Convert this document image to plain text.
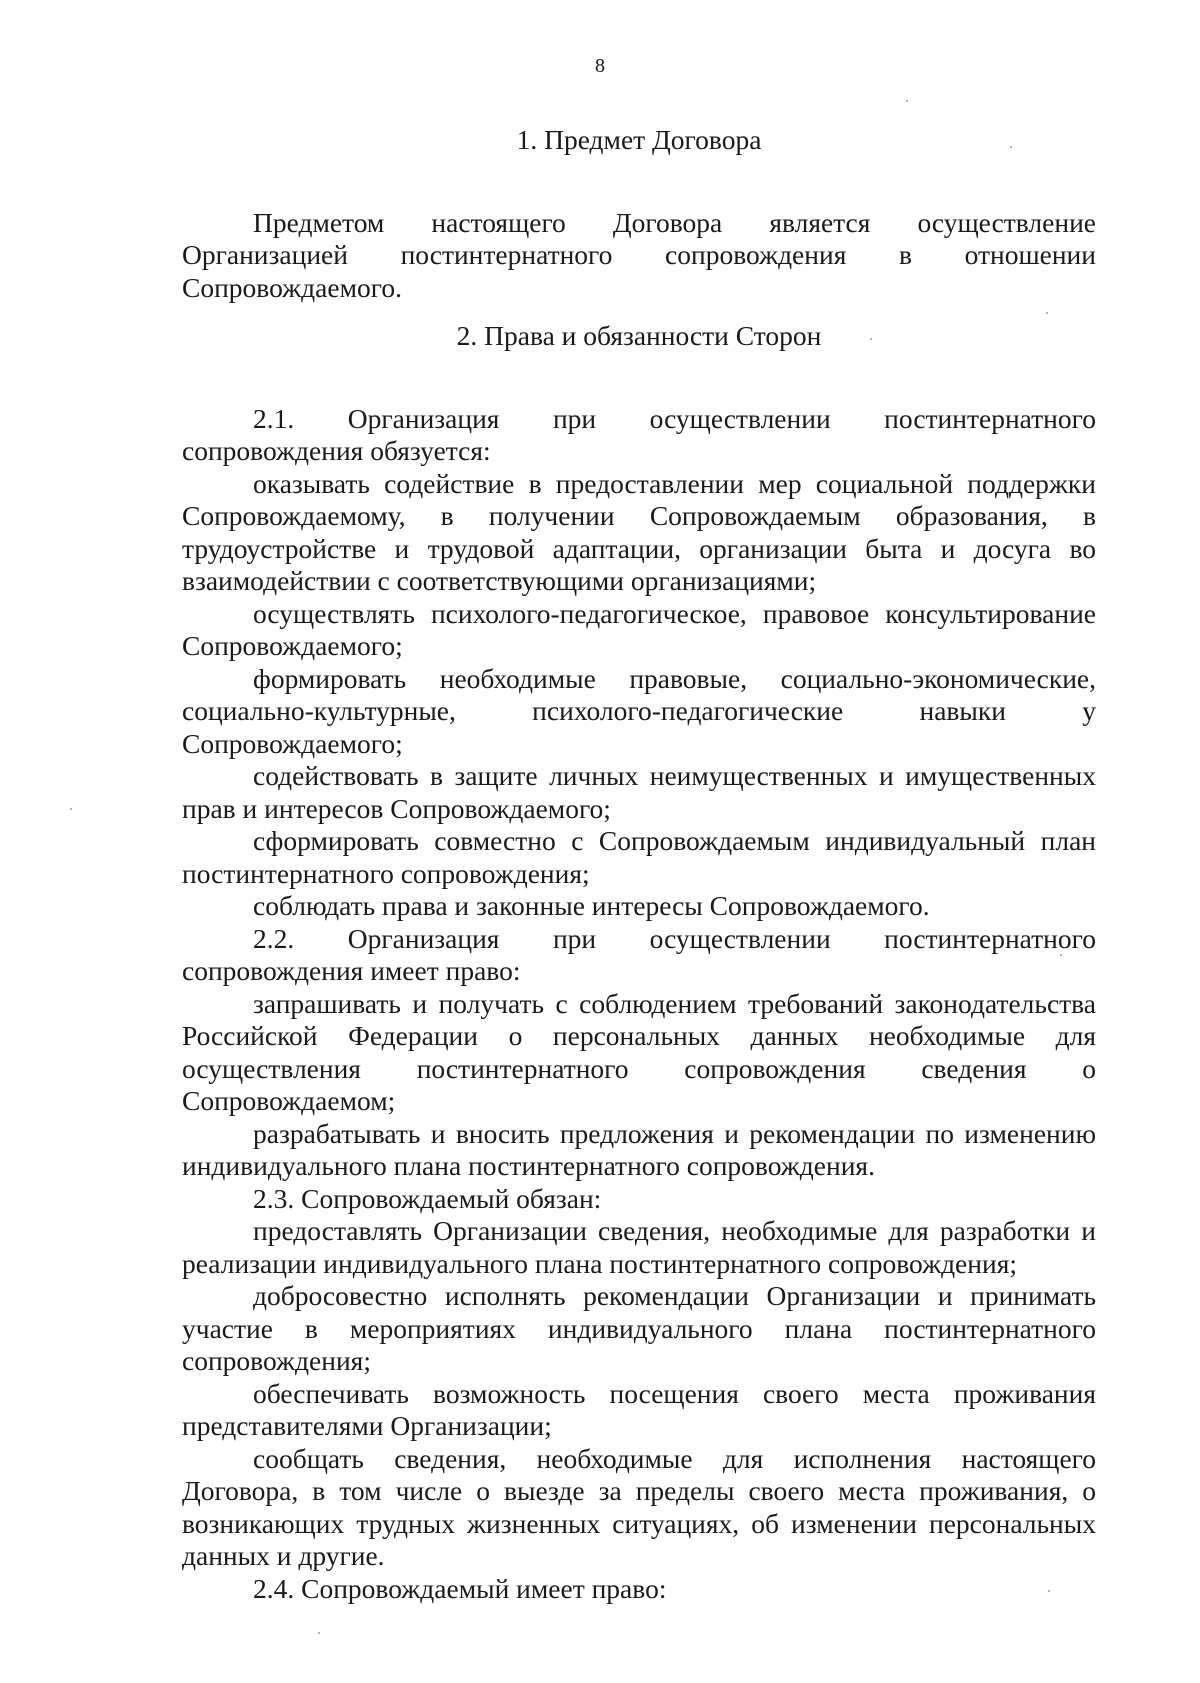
8

1. Предмет Договора

Предметом настоящего Договора является осуществление Организацией постинтернатного сопровождения в отношении Сопровождаемого.

2. Права и обязанности Сторон

2.1. Организация при осуществлении постинтернатного сопровождения обязуется:

оказывать содействие в предоставлении мер социальной поддержки Сопровождаемому, в получении Сопровождаемым образования, в трудоустройстве и трудовой адаптации, организации быта и досуга во взаимодействии с соответствующими организациями;

осуществлять психолого-педагогическое, правовое консультирование Сопровождаемого;

формировать необходимые правовые, социально-экономические, социально-культурные, психолого-педагогические навыки у Сопровождаемого;

содействовать в защите личных неимущественных и имущественных прав и интересов Сопровождаемого;

сформировать совместно с Сопровождаемым индивидуальный план постинтернатного сопровождения;

соблюдать права и законные интересы Сопровождаемого.

2.2. Организация при осуществлении постинтернатного сопровождения имеет право:

запрашивать и получать с соблюдением требований законодательства Российской Федерации о персональных данных необходимые для осуществления постинтернатного сопровождения сведения о Сопровождаемом;

разрабатывать и вносить предложения и рекомендации по изменению индивидуального плана постинтернатного сопровождения.

2.3. Сопровождаемый обязан:

предоставлять Организации сведения, необходимые для разработки и реализации индивидуального плана постинтернатного сопровождения;

добросовестно исполнять рекомендации Организации и принимать участие в мероприятиях индивидуального плана постинтернатного сопровождения;

обеспечивать возможность посещения своего места проживания представителями Организации;

сообщать сведения, необходимые для исполнения настоящего Договора, в том числе о выезде за пределы своего места проживания, о возникающих трудных жизненных ситуациях, об изменении персональных данных и другие.

2.4. Сопровождаемый имеет право:
